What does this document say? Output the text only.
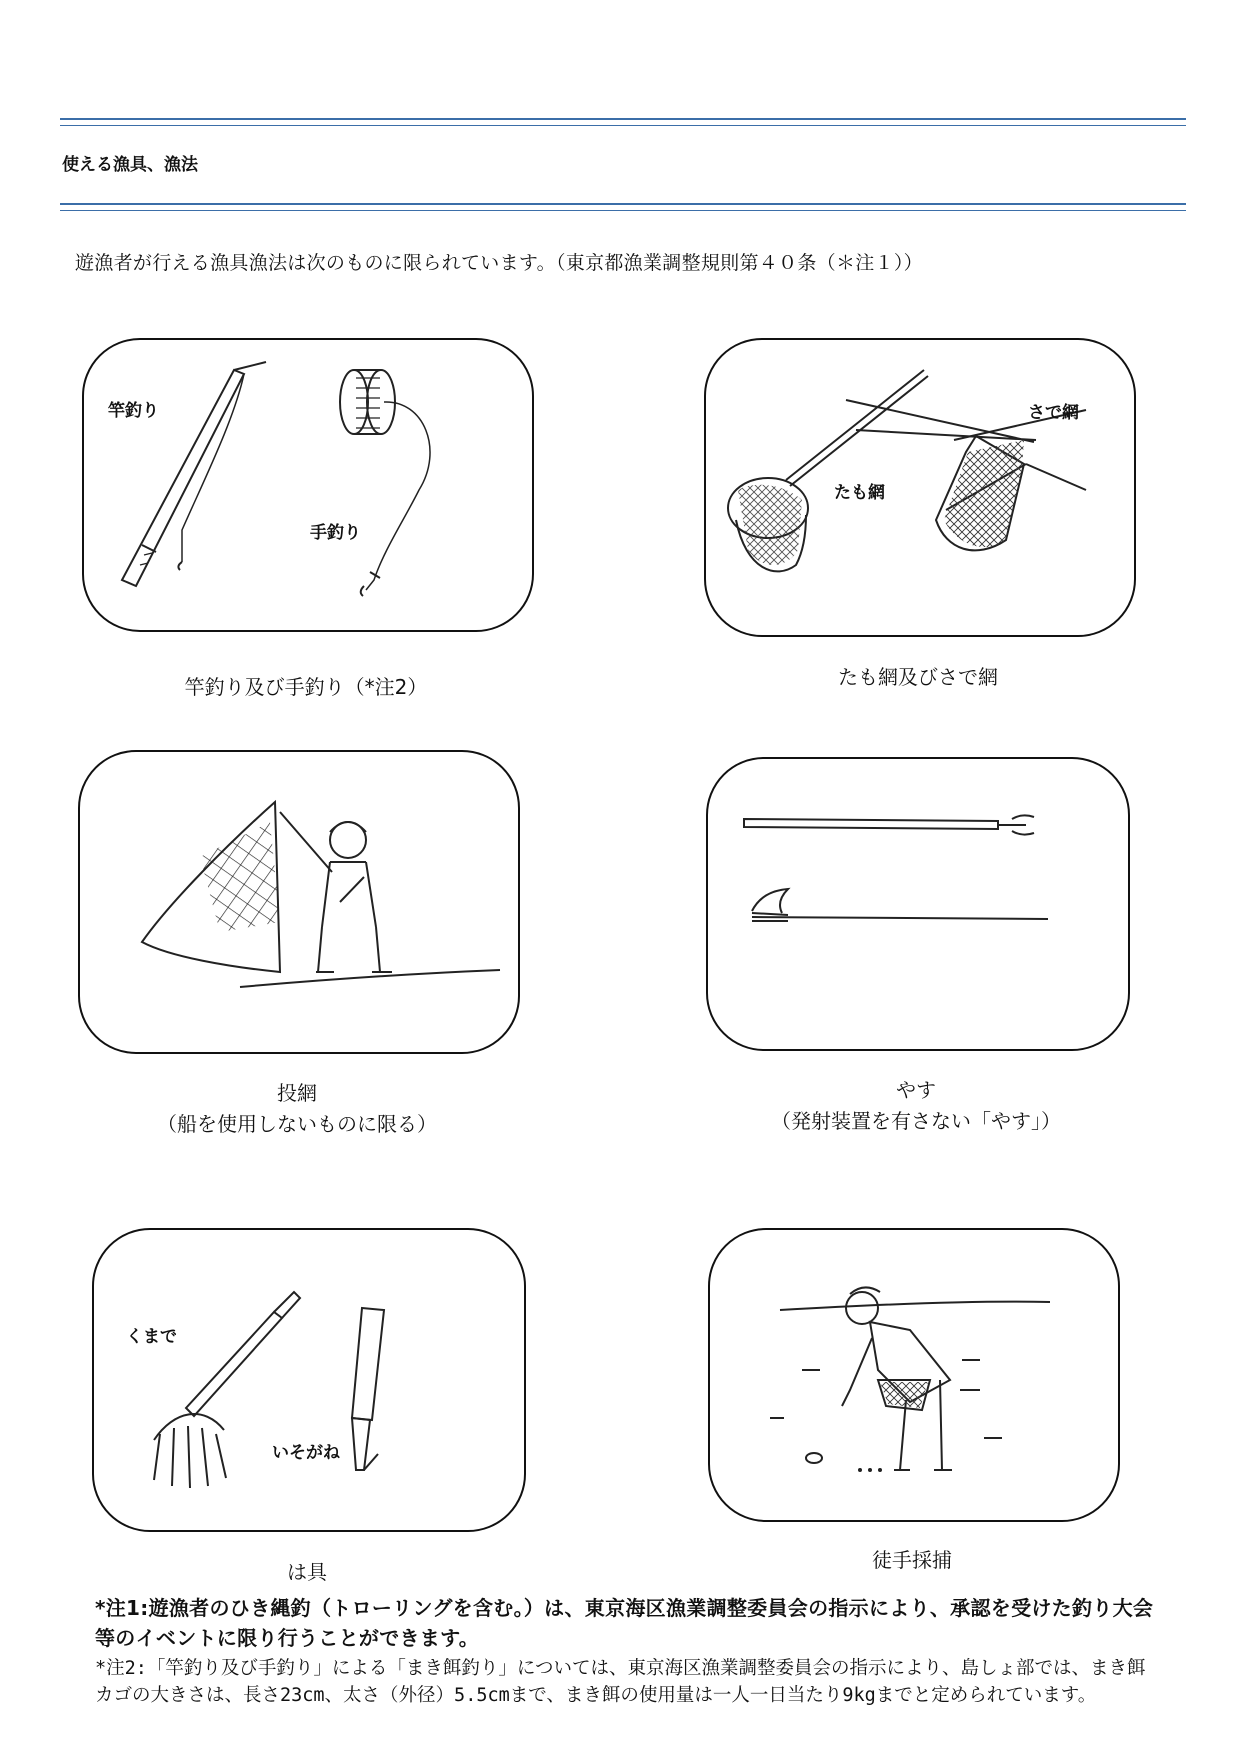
使える漁具、漁法
遊漁者が行える漁具漁法は次のものに限られています。（東京都漁業調整規則第４０条（＊注１））
竿釣り
手釣り
竿釣り及び手釣り（*注2）
たも網
さで網
たも網及びさで網
投網
（船を使用しないものに限る）
やす
（発射装置を有さない「やす」）
くまで
いそがね
は具	徒手採捕
*注1:遊漁者のひき縄釣（トローリングを含む。）は、東京海区漁業調整委員会の指示により、承認を受けた釣り大会等のイベントに限り行うことができます。
*注2:「竿釣り及び手釣り」による「まき餌釣り」については、東京海区漁業調整委員会の指示により、島しょ部では、まき餌カゴの大きさは、長さ23cm、太さ（外径）5.5cmまで、まき餌の使用量は一人一日当たり9kgまでと定められています。
